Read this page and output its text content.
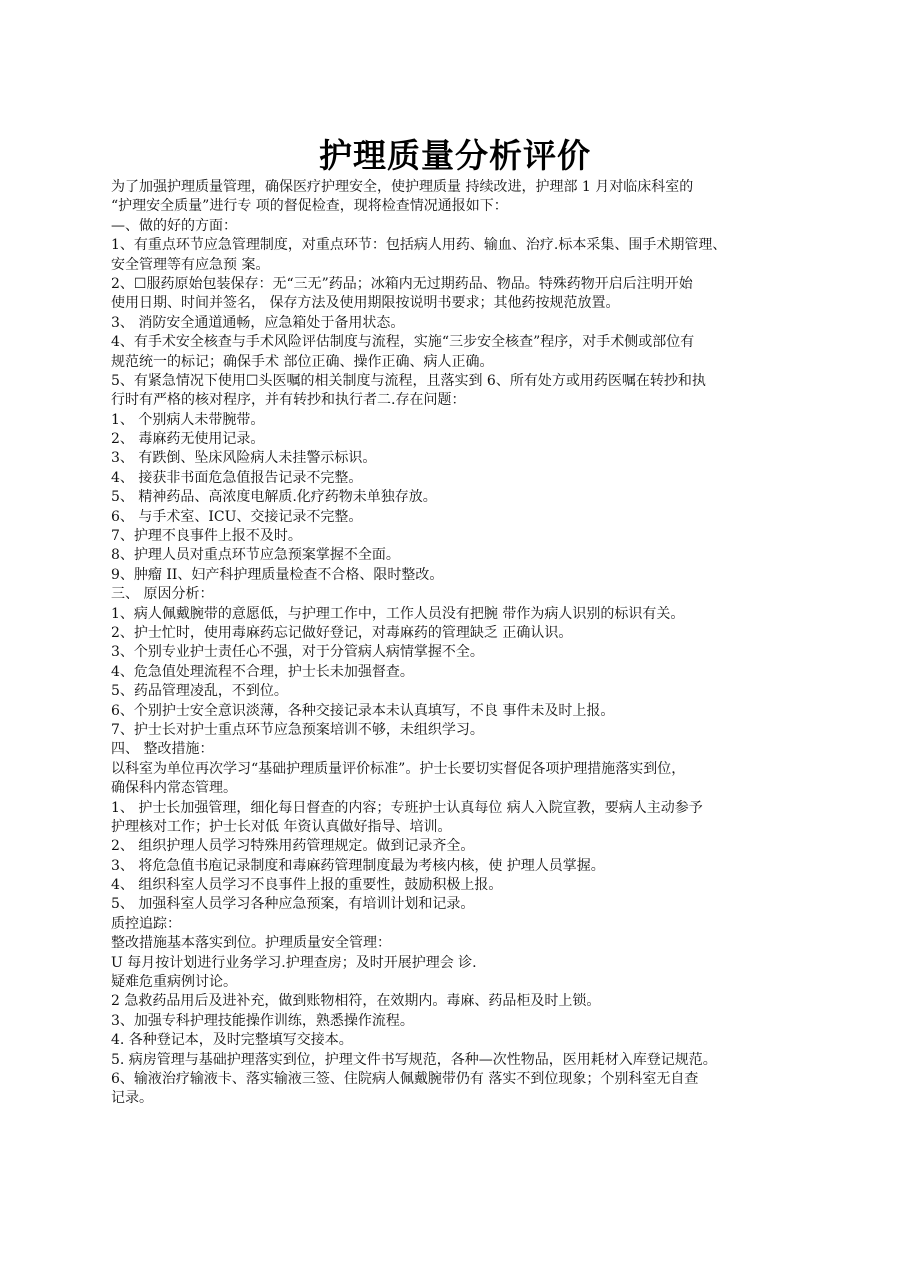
护理质量分析评价
为了加强护理质量管理，确保医疗护理安全，使护理质量 持续改进，护理部 1 月对临床科室的
“护理安全质量”进行专 项的督促检查，现将检查情况通报如下：
—、做的好的方面：
1、有重点环节应急管理制度，对重点环节：包括病人用药、输血、治疗.标本采集、围手术期管理、
安全管理等有应急预 案。
2、☐服药原始包装保存：无“三无”药品；冰箱内无过期药品、物品。特殊药物开启后注明开始
使用日期、时间并签名， 保存方法及使用期限按说明书要求；其他药按规范放置。
3、 消防安全通道通畅，应急箱处于备用状态。
4、有手术安全核查与手术风险评估制度与流程，实施“三步安全核查”程序，对手术侧或部位有
规范统一的标记；确保手术 部位正确、操作正确、病人正确。
5、有紧急情况下使用☐头医嘱的相关制度与流程，且落实到 6、所有处方或用药医嘱在转抄和执
行时有严格的核对程序，并有转抄和执行者二.存在问题：
1、 个别病人未带腕带。
2、 毒麻药无使用记录。
3、 有跌倒、坠床风险病人未挂警示标识。
4、 接获非书面危急值报告记录不完整。
5、 精神药品、高浓度电解质.化疗药物未单独存放。
6、 与手术室、ICU、交接记录不完整。
7、护理不良事件上报不及时。
8、护理人员对重点环节应急预案掌握不全面。
9、肿瘤 II、妇产科护理质量检查不合格、限时整改。
三、 原因分析：
1、病人佩戴腕带的意愿低，与护理工作中，工作人员没有把腕 带作为病人识别的标识有关。
2、护士忙时，使用毒麻药忘记做好登记，对毒麻药的管理缺乏 正确认识。
3、个别专业护士责任心不强，对于分管病人病情掌握不全。
4、危急值处理流程不合理，护士长未加强督查。
5、药品管理凌乱，不到位。
6、个别护士安全意识淡薄，各种交接记录本未认真填写，不良 事件未及时上报。
7、护士长对护士重点环节应急预案培训不够，未组织学习。
四、 整改措施：
以科室为单位再次学习“基础护理质量评价标准”。护士长要切实督促各项护理措施落实到位，
确保科内常态管理。
1、 护士长加强管理，细化每日督查的内容；专班护士认真每位 病人入院宣教，要病人主动参予
护理核对工作；护士长对低 年资认真做好指导、培训。
2、 组织护理人员学习特殊用药管理规定。做到记录齐全。
3、 将危急值书庖记录制度和毒麻药管理制度最为考核内核，使 护理人员掌握。
4、 组织科室人员学习不良事件上报的重要性，鼓励积极上报。
5、 加强科室人员学习各种应急预案，有培训计划和记录。
质控追踪：
整改措施基本落实到位。护理质量安全管理：
U 每月按计划进行业务学习.护理查房；及时开展护理会 诊.
疑难危重病例讨论。
2 急救药品用后及进补充，做到账物相符，在效期内。毒麻、药品柜及时上锁。
3、加强专科护理技能操作训练，熟悉操作流程。
4. 各种登记本，及时完整填写交接本。
5. 病房管理与基础护理落实到位，护理文件书写规范，各种—次性物品，医用耗材入库登记规范。
6、输液治疗输液卡、落实输液三签、住院病人佩戴腕带仍有 落实不到位现象；个别科室无自查
记录。
